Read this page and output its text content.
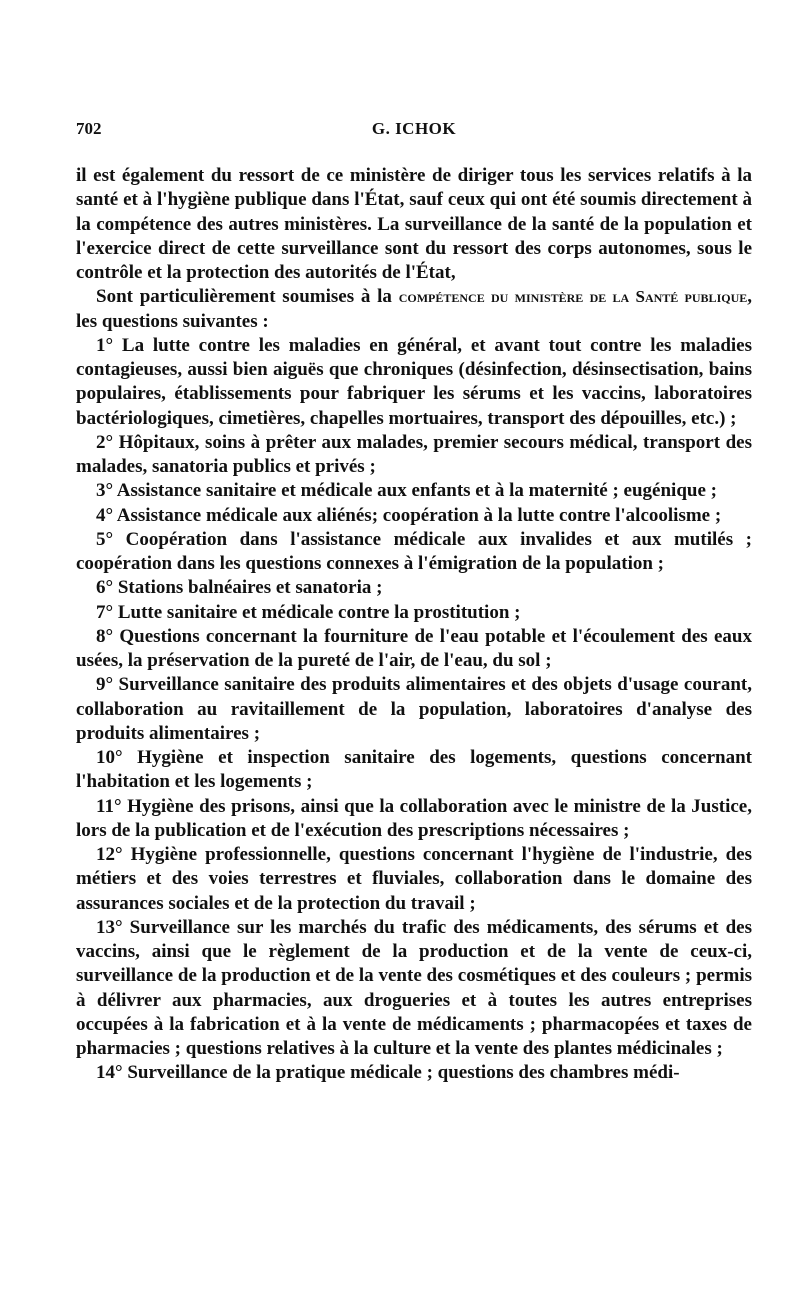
702	G. ICHOK

il est également du ressort de ce ministère de diriger tous les services relatifs à la santé et à l'hygiène publique dans l'État, sauf ceux qui ont été soumis directement à la compétence des autres ministères. La surveillance de la santé de la population et l'exercice direct de cette surveillance sont du ressort des corps autonomes, sous le contrôle et la protection des autorités de l'État,

Sont particulièrement soumises à la compétence du ministère de la Santé publique, les questions suivantes :

1° La lutte contre les maladies en général, et avant tout contre les maladies contagieuses, aussi bien aiguës que chroniques (désinfection, désinsectisation, bains populaires, établissements pour fabriquer les sérums et les vaccins, laboratoires bactériologiques, cimetières, chapelles mortuaires, transport des dépouilles, etc.) ;

2° Hôpitaux, soins à prêter aux malades, premier secours médical, transport des malades, sanatoria publics et privés ;

3° Assistance sanitaire et médicale aux enfants et à la maternité ; eugénique ;

4° Assistance médicale aux aliénés; coopération à la lutte contre l'alcoolisme ;

5° Coopération dans l'assistance médicale aux invalides et aux mutilés ; coopération dans les questions connexes à l'émigration de la population ;

6° Stations balnéaires et sanatoria ;

7° Lutte sanitaire et médicale contre la prostitution ;

8° Questions concernant la fourniture de l'eau potable et l'écoulement des eaux usées, la préservation de la pureté de l'air, de l'eau, du sol ;

9° Surveillance sanitaire des produits alimentaires et des objets d'usage courant, collaboration au ravitaillement de la population, laboratoires d'analyse des produits alimentaires ;

10° Hygiène et inspection sanitaire des logements, questions concernant l'habitation et les logements ;

11° Hygiène des prisons, ainsi que la collaboration avec le ministre de la Justice, lors de la publication et de l'exécution des prescriptions nécessaires ;

12° Hygiène professionnelle, questions concernant l'hygiène de l'industrie, des métiers et des voies terrestres et fluviales, collaboration dans le domaine des assurances sociales et de la protection du travail ;

13° Surveillance sur les marchés du trafic des médicaments, des sérums et des vaccins, ainsi que le règlement de la production et de la vente de ceux-ci, surveillance de la production et de la vente des cosmétiques et des couleurs ; permis à délivrer aux pharmacies, aux drogueries et à toutes les autres entreprises occupées à la fabrication et à la vente de médicaments ; pharmacopées et taxes de pharmacies ; questions relatives à la culture et la vente des plantes médicinales ;

14° Surveillance de la pratique médicale ; questions des chambres médi-
